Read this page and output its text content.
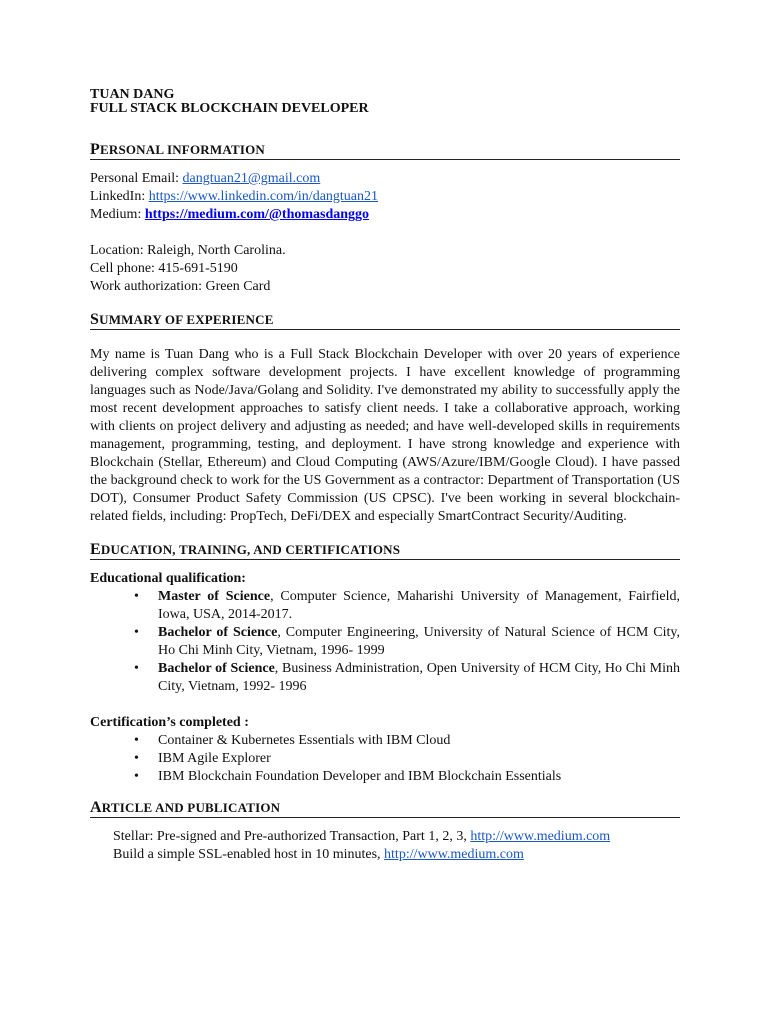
TUAN DANG
FULL STACK BLOCKCHAIN DEVELOPER
PERSONAL INFORMATION
Personal Email: dangtuan21@gmail.com
LinkedIn: https://www.linkedin.com/in/dangtuan21
Medium: https://medium.com/@thomasdanggo
Location: Raleigh, North Carolina.
Cell phone: 415-691-5190
Work authorization: Green Card
SUMMARY OF EXPERIENCE
My name is Tuan Dang who is a Full Stack Blockchain Developer with over 20 years of experience delivering complex software development projects. I have excellent knowledge of programming languages such as Node/Java/Golang and Solidity. I've demonstrated my ability to successfully apply the most recent development approaches to satisfy client needs. I take a collaborative approach, working with clients on project delivery and adjusting as needed; and have well-developed skills in requirements management, programming, testing, and deployment. I have strong knowledge and experience with Blockchain (Stellar, Ethereum) and Cloud Computing (AWS/Azure/IBM/Google Cloud). I have passed the background check to work for the US Government as a contractor: Department of Transportation (US DOT), Consumer Product Safety Commission (US CPSC). I've been working in several blockchain-related fields, including: PropTech, DeFi/DEX and especially SmartContract Security/Auditing.
EDUCATION, TRAINING, AND CERTIFICATIONS
Educational qualification:
• Master of Science, Computer Science, Maharishi University of Management, Fairfield, Iowa, USA, 2014-2017.
• Bachelor of Science, Computer Engineering, University of Natural Science of HCM City, Ho Chi Minh City, Vietnam, 1996- 1999
• Bachelor of Science, Business Administration, Open University of HCM City, Ho Chi Minh City, Vietnam, 1992- 1996
Certification’s completed :
• Container & Kubernetes Essentials with IBM Cloud
• IBM Agile Explorer
• IBM Blockchain Foundation Developer and IBM Blockchain Essentials
ARTICLE AND PUBLICATION
Stellar: Pre-signed and Pre-authorized Transaction, Part 1, 2, 3, http://www.medium.com
Build a simple SSL-enabled host in 10 minutes, http://www.medium.com
